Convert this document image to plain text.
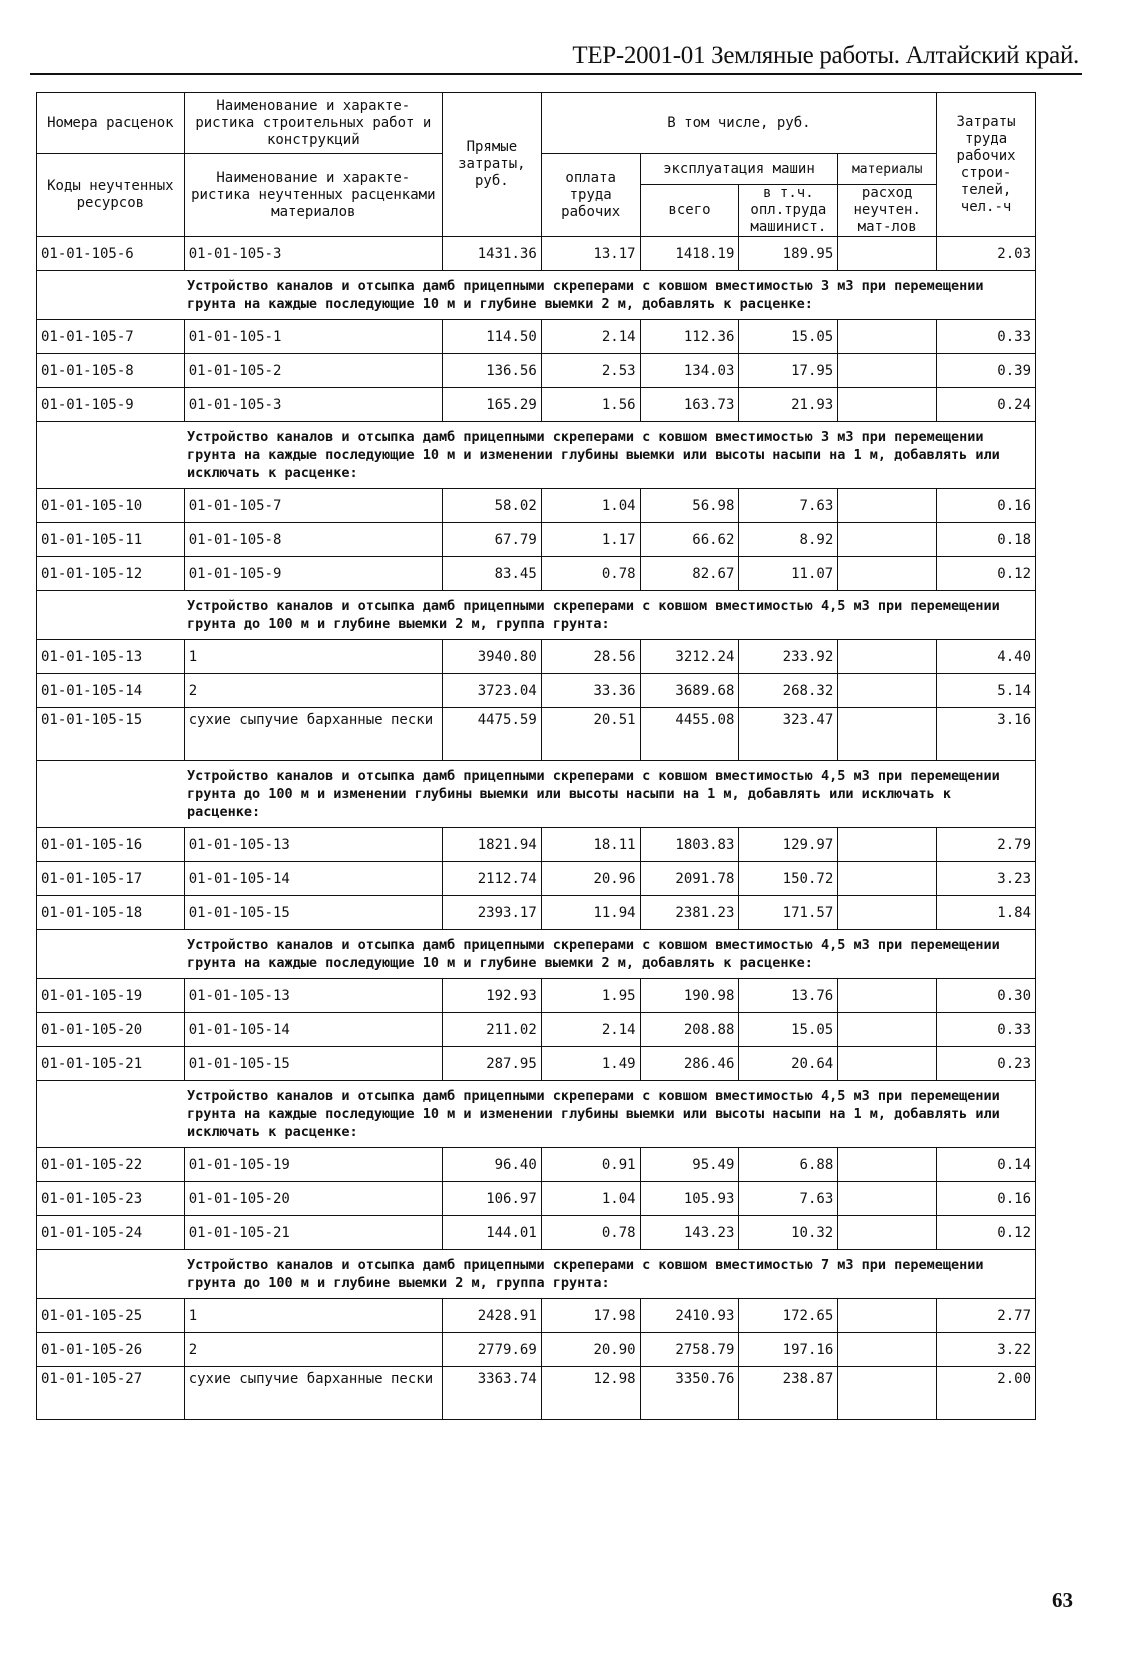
ТЕР-2001-01 Земляные работы. Алтайский край.
Номера расценок	Наименование и характе-ристика строительных работ и конструкций	Прямые затраты, руб.	В том числе, руб.				Затраты труда рабочих строи-телей, чел.-ч
Коды неучтенных ресурсов	Наименование и характе-ристика неучтенных расценками материалов		оплата труда рабочих	эксплуатация машин		материалы	
				всего	в т.ч. опл.труда машинист.	расход неучтен. мат-лов	
01-01-105-6	01-01-105-3	1431.36	13.17	1418.19	189.95		2.03
Устройство каналов и отсыпка дамб прицепными скреперами с ковшом вместимостью 3 м3 при перемещении грунта на каждые последующие 10 м и глубине выемки 2 м, добавлять к расценке:							
01-01-105-7	01-01-105-1	114.50	2.14	112.36	15.05		0.33
01-01-105-8	01-01-105-2	136.56	2.53	134.03	17.95		0.39
01-01-105-9	01-01-105-3	165.29	1.56	163.73	21.93		0.24
Устройство каналов и отсыпка дамб прицепными скреперами с ковшом вместимостью 3 м3 при перемещении грунта на каждые последующие 10 м и изменении глубины выемки или высоты насыпи на 1 м, добавлять или исключать к расценке:							
01-01-105-10	01-01-105-7	58.02	1.04	56.98	7.63		0.16
01-01-105-11	01-01-105-8	67.79	1.17	66.62	8.92		0.18
01-01-105-12	01-01-105-9	83.45	0.78	82.67	11.07		0.12
Устройство каналов и отсыпка дамб прицепными скреперами с ковшом вместимостью 4,5 м3 при перемещении грунта до 100 м и глубине выемки 2 м, группа грунта:							
01-01-105-13	1	3940.80	28.56	3212.24	233.92		4.40
01-01-105-14	2	3723.04	33.36	3689.68	268.32		5.14
01-01-105-15	сухие сыпучие барханные пески	4475.59	20.51	4455.08	323.47		3.16
Устройство каналов и отсыпка дамб прицепными скреперами с ковшом вместимостью 4,5 м3 при перемещении грунта до 100 м и изменении глубины выемки или высоты насыпи на 1 м, добавлять или исключать к расценке:							
01-01-105-16	01-01-105-13	1821.94	18.11	1803.83	129.97		2.79
01-01-105-17	01-01-105-14	2112.74	20.96	2091.78	150.72		3.23
01-01-105-18	01-01-105-15	2393.17	11.94	2381.23	171.57		1.84
Устройство каналов и отсыпка дамб прицепными скреперами с ковшом вместимостью 4,5 м3 при перемещении грунта на каждые последующие 10 м и глубине выемки 2 м, добавлять к расценке:							
01-01-105-19	01-01-105-13	192.93	1.95	190.98	13.76		0.30
01-01-105-20	01-01-105-14	211.02	2.14	208.88	15.05		0.33
01-01-105-21	01-01-105-15	287.95	1.49	286.46	20.64		0.23
Устройство каналов и отсыпка дамб прицепными скреперами с ковшом вместимостью 4,5 м3 при перемещении грунта на каждые последующие 10 м и изменении глубины выемки или высоты насыпи на 1 м, добавлять или исключать к расценке:							
01-01-105-22	01-01-105-19	96.40	0.91	95.49	6.88		0.14
01-01-105-23	01-01-105-20	106.97	1.04	105.93	7.63		0.16
01-01-105-24	01-01-105-21	144.01	0.78	143.23	10.32		0.12
Устройство каналов и отсыпка дамб прицепными скреперами с ковшом вместимостью 7 м3 при перемещении грунта до 100 м и глубине выемки 2 м, группа грунта:							
01-01-105-25	1	2428.91	17.98	2410.93	172.65		2.77
01-01-105-26	2	2779.69	20.90	2758.79	197.16		3.22
01-01-105-27	сухие сыпучие барханные пески	3363.74	12.98	3350.76	238.87		2.00
63
